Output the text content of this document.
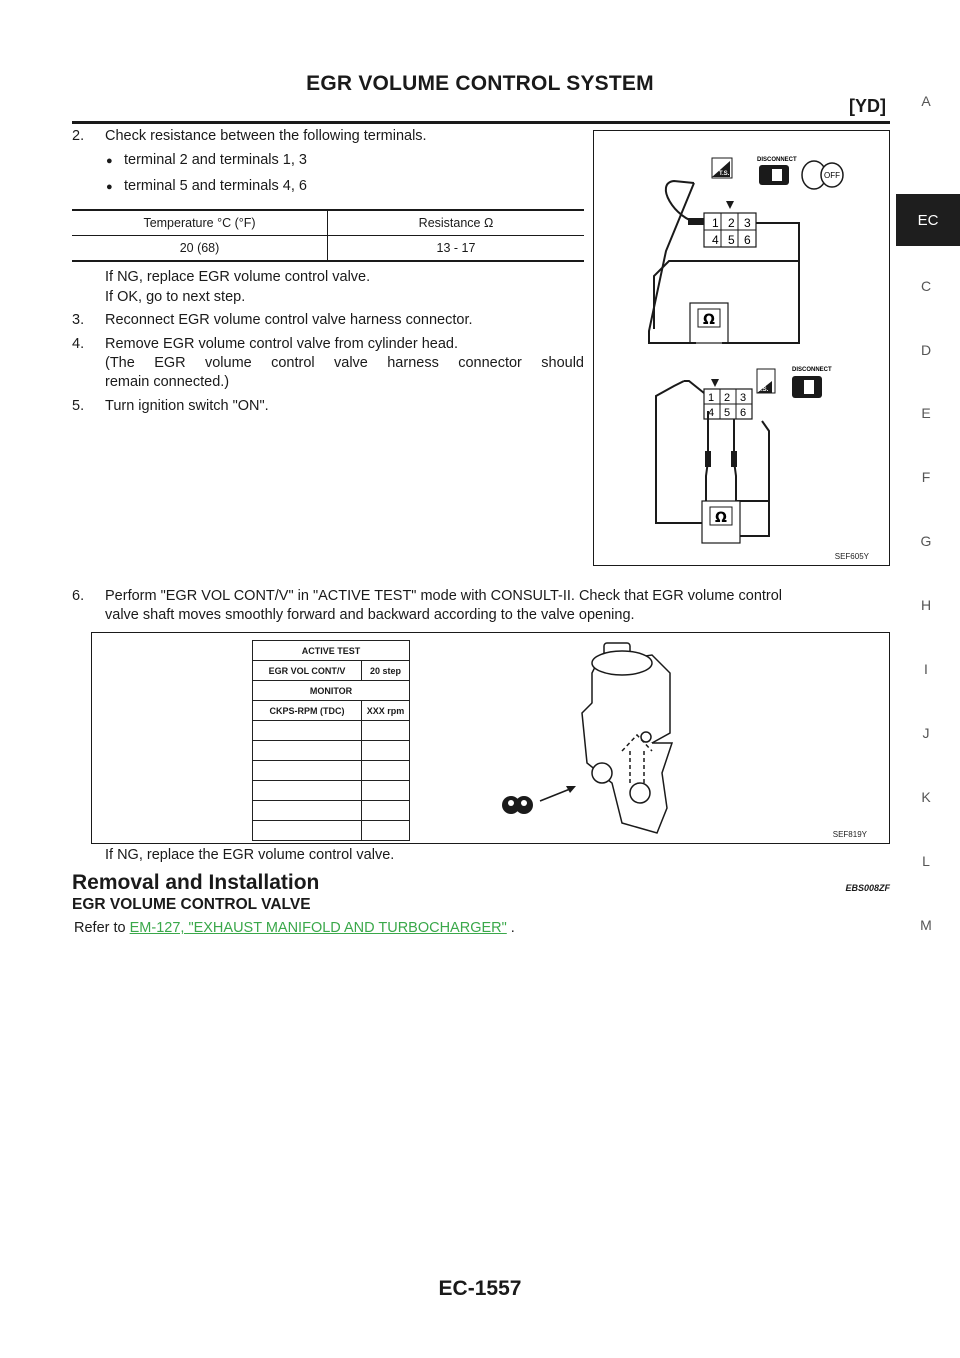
EGR VOLUME CONTROL SYSTEM
[YD]	A
EC
C
D
E
F
G
H
I
J
K
L
M
2. Check resistance between the following terminals.
● terminal 2 and terminals 1, 3
● terminal 5 and terminals 4, 6
Temperature °C (°F)	Resistance Ω
20 (68)	13 - 17
If NG, replace EGR volume control valve.
If OK, go to next step.
3. Reconnect EGR volume control valve harness connector.
4. Remove EGR volume control valve from cylinder head.
(The EGR volume control valve harness connector should
remain connected.)
5. Turn ignition switch "ON".
1 2 3
4 5 6
Ω
T.S.
DISCONNECT
OFF
1 2 3
4 5 6
T.S.
DISCONNECT
Ω
SEF605Y
6. Perform "EGR VOL CONT/V" in "ACTIVE TEST" mode with CONSULT-II. Check that EGR volume control
valve shaft moves smoothly forward and backward according to the valve opening.
ACTIVE TEST	
EGR VOL CONT/V	20 step
MONITOR	
CKPS-RPM (TDC)	XXX rpm

SEF819Y
If NG, replace the EGR volume control valve.
Removal and Installation	EBS008ZF
EGR VOLUME CONTROL VALVE
Refer to EM-127, "EXHAUST MANIFOLD AND TURBOCHARGER" .
EC-1557
